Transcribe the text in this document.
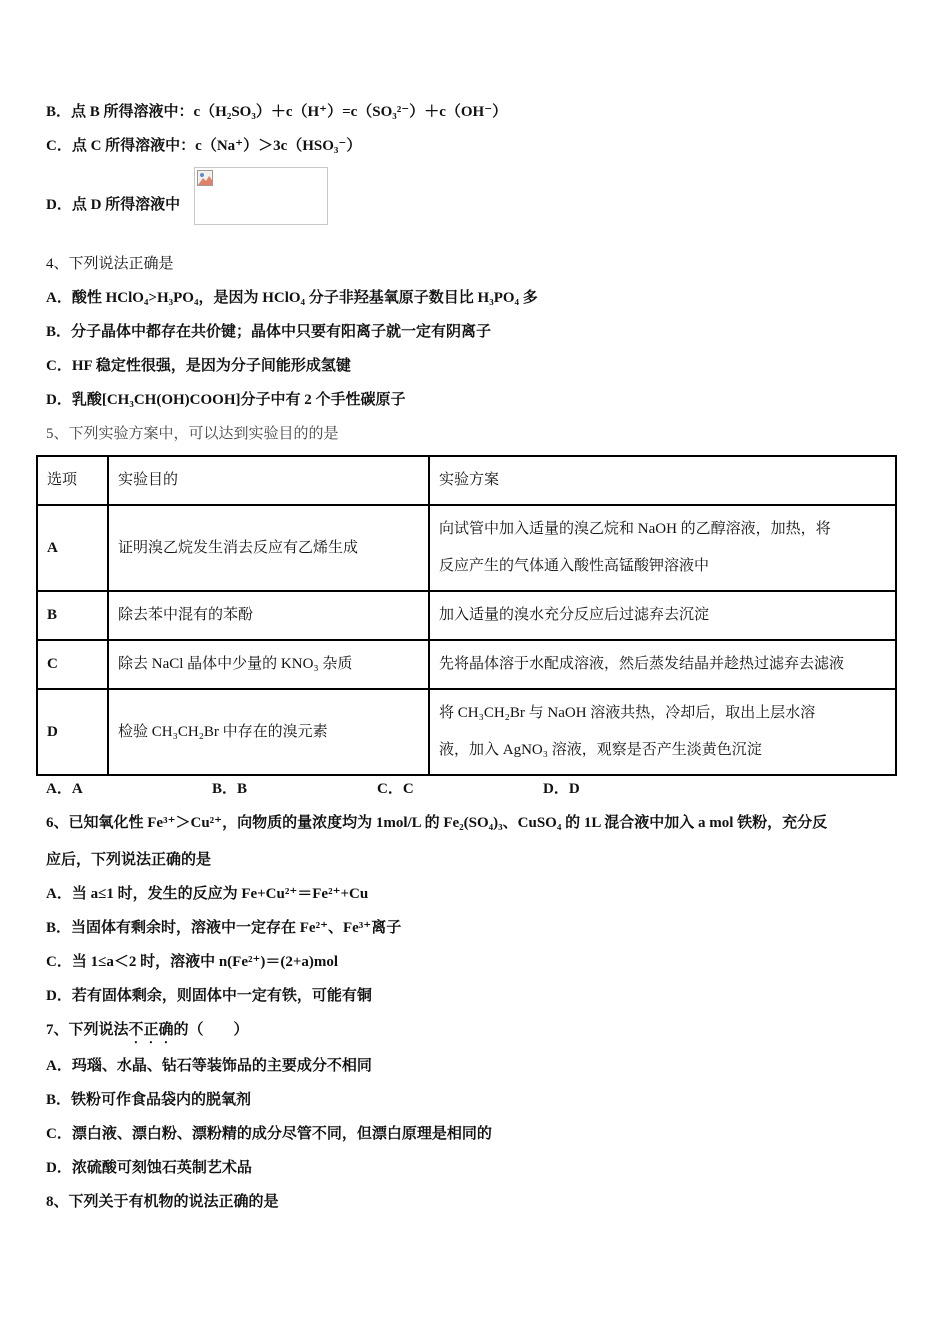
B．点 B 所得溶液中：c（H₂SO₃）＋c（H⁺）=c（SO₃²⁻）＋c（OH⁻）
C．点 C 所得溶液中：c（Na⁺）＞3c（HSO₃⁻）
D．点 D 所得溶液中
4、下列说法正确是
A．酸性 HClO₄>H₃PO₄，是因为 HClO₄ 分子非羟基氧原子数目比 H₃PO₄ 多
B．分子晶体中都存在共价键；晶体中只要有阳离子就一定有阴离子
C．HF 稳定性很强，是因为分子间能形成氢键
D．乳酸[CH₃CH(OH)COOH]分子中有 2 个手性碳原子
5、下列实验方案中，可以达到实验目的的是
选项	实验目的	实验方案
A	证明溴乙烷发生消去反应有乙烯生成	向试管中加入适量的溴乙烷和 NaOH 的乙醇溶液，加热，将
反应产生的气体通入酸性高锰酸钾溶液中

B	除去苯中混有的苯酚	加入适量的溴水充分反应后过滤弃去沉淀
C	除去 NaCl 晶体中少量的 KNO₃ 杂质	先将晶体溶于水配成溶液，然后蒸发结晶并趁热过滤弃去滤液
D	检验 CH₃CH₂Br 中存在的溴元素	将 CH₃CH₂Br 与 NaOH 溶液共热，冷却后，取出上层水溶
液，加入 AgNO₃ 溶液，观察是否产生淡黄色沉淀
A．A	B．B	C．C	D．D
6、已知氧化性 Fe³⁺＞Cu²⁺，向物质的量浓度均为 1mol/L 的 Fe₂(SO₄)₃、CuSO₄ 的 1L 混合液中加入 a mol 铁粉，充分反
应后，下列说法正确的是
A．当 a≤1 时，发生的反应为 Fe+Cu²⁺＝Fe²⁺+Cu
B．当固体有剩余时，溶液中一定存在 Fe²⁺、Fe³⁺离子
C．当 1≤a＜2 时，溶液中 n(Fe²⁺)＝(2+a)mol
D．若有固体剩余，则固体中一定有铁，可能有铜
7、下列说法不正确的（　　）
A．玛瑙、水晶、钻石等装饰品的主要成分不相同
B．铁粉可作食品袋内的脱氧剂
C．漂白液、漂白粉、漂粉精的成分尽管不同，但漂白原理是相同的
D．浓硫酸可刻蚀石英制艺术品
8、下列关于有机物的说法正确的是
